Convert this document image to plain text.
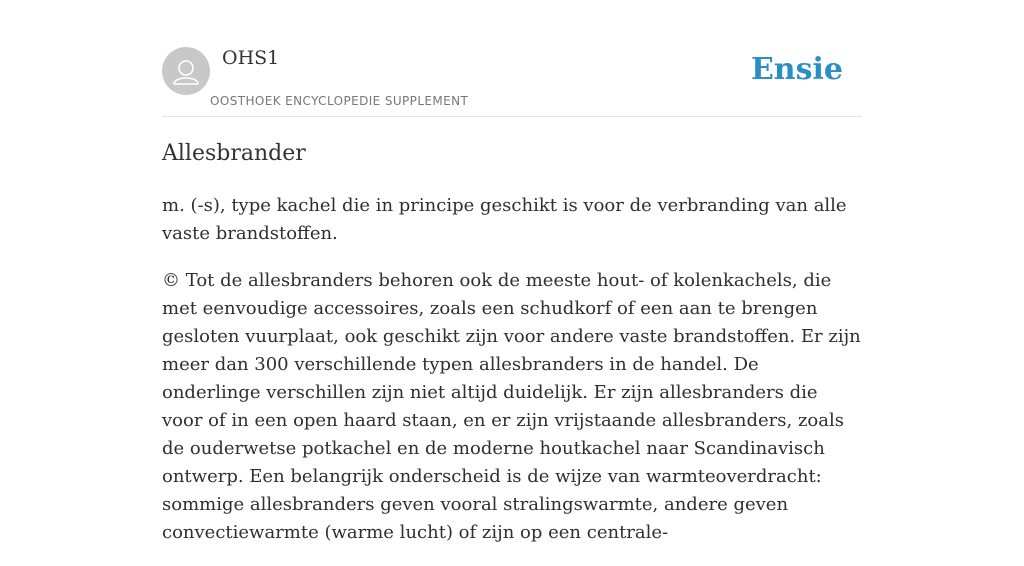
OHS1
OOSTHOEK ENCYCLOPEDIE SUPPLEMENT
Ensie
Allesbrander

m. (-s), type kachel die in principe geschikt is voor de verbranding van alle vaste brandstoffen.

© Tot de allesbranders behoren ook de meeste hout- of kolenkachels, die met eenvoudige accessoires, zoals een schudkorf of een aan te brengen gesloten vuurplaat, ook geschikt zijn voor andere vaste brandstoffen. Er zijn meer dan 300 verschillende typen allesbranders in de handel. De onderlinge verschillen zijn niet altijd duidelijk. Er zijn allesbranders die voor of in een open haard staan, en er zijn vrijstaande allesbranders, zoals de ouderwetse potkachel en de moderne houtkachel naar Scandinavisch ontwerp. Een belangrijk onderscheid is de wijze van warmteoverdracht: sommige allesbranders geven vooral stralingswarmte, andere geven convectiewarmte (warme lucht) of zijn op een centrale-
